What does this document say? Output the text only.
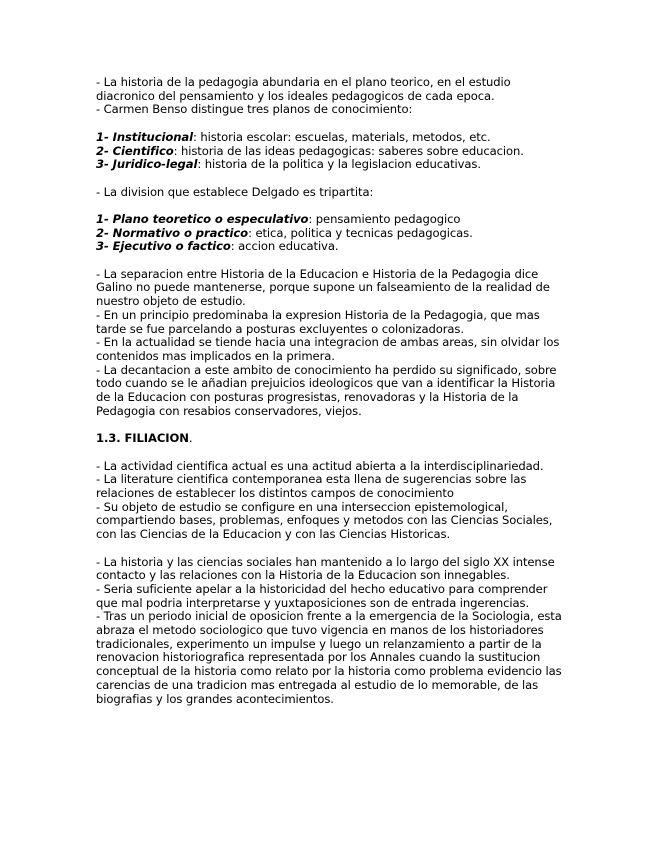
- La historia de la pedagogia abundaria en el plano teorico, en el estudio diacronico del pensamiento y los ideales pedagogicos de cada epoca.

- Carmen Benso distingue tres planos de conocimiento:

1- Institucional: historia escolar: escuelas, materials, metodos, etc.

2- Cientifico: historia de las ideas pedagogicas: saberes sobre educacion.

3- Juridico-legal: historia de la politica y la legislacion educativas.

- La division que establece Delgado es tripartita:

1- Plano teoretico o especulativo: pensamiento pedagogico

2- Normativo o practico: etica, politica y tecnicas pedagogicas.

3- Ejecutivo o factico: accion educativa.

- La separacion entre Historia de la Educacion e Historia de la Pedagogia dice Galino no puede mantenerse, porque supone un falseamiento de la realidad de nuestro objeto de estudio.

- En un principio predominaba la expresion Historia de la Pedagogia, que mas tarde se fue parcelando a posturas excluyentes o colonizadoras.

- En la actualidad se tiende hacia una integracion de ambas areas, sin olvidar los contenidos mas implicados en la primera.

- La decantacion a este ambito de conocimiento ha perdido su significado, sobre todo cuando se le añadian prejuicios ideologicos que van a identificar la Historia de la Educacion con posturas progresistas, renovadoras y la Historia de la Pedagogia con resabios conservadores, viejos.

1.3. FILIACION.

- La actividad cientifica actual es una actitud abierta a la interdisciplinariedad.

- La literature cientifica contemporanea esta llena de sugerencias sobre las relaciones de establecer los distintos campos de conocimiento

- Su objeto de estudio se configure en una interseccion epistemological, compartiendo bases, problemas, enfoques y metodos con las Ciencias Sociales, con las Ciencias de la Educacion y con las Ciencias Historicas.

- La historia y las ciencias sociales han mantenido a lo largo del siglo XX intense contacto y las relaciones con la Historia de la Educacion son innegables.

- Seria suficiente apelar a la historicidad del hecho educativo para comprender que mal podria interpretarse y yuxtaposiciones son de entrada ingerencias.

- Tras un periodo inicial de oposicion frente a la emergencia de la Sociologia, esta abraza el metodo sociologico que tuvo vigencia en manos de los historiadores tradicionales, experimento un impulse y luego un relanzamiento a partir de la renovacion historiografica representada por los Annales cuando la sustitucion conceptual de la historia como relato por la historia como problema evidencio las carencias de una tradicion mas entregada al estudio de lo memorable, de las biografias y los grandes acontecimientos.
